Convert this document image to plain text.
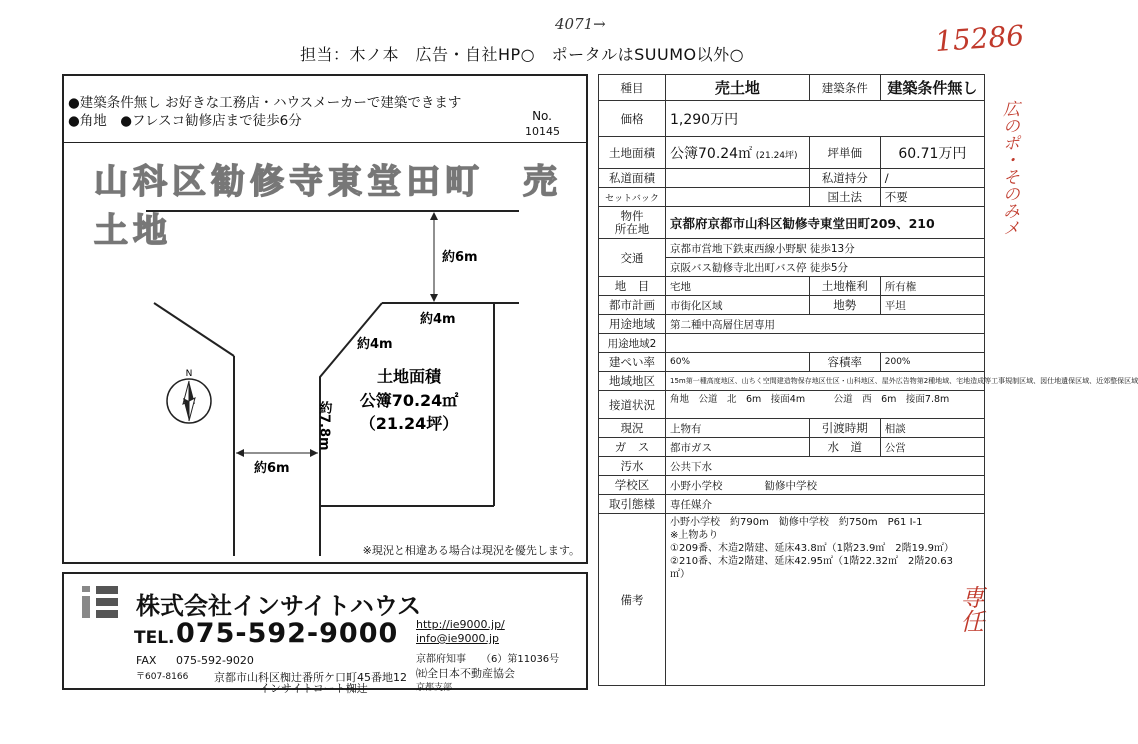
担当：木ノ本　広告・自社HP○　ポータルはSUUMO以外○
4071→	15286
広のポ・そのみメ
専任
●建築条件無し お好きな工務店・ハウスメーカーで建築できます
●角地　●フレスコ勧修店まで徒歩6分	No.
10145
山科区勧修寺東堂田町　売土地
N
約6m
約6m
約4m
約4m
約7.8m
土地面積
公簿70.24㎡
（21.24坪）
※現況と相違ある場合は現況を優先します。
株式会社インサイトハウス
TEL. 075-592-9000
FAX 075-592-9020
〒607-8166 京都市山科区椥辻番所ケ口町45番地12
インサイトコート椥辻
http://ie9000.jp/
info@ie9000.jp
京都府知事　　（6）第11036号
㈳全日本不動産協会
京都支部
種目	売土地	建築条件	建築条件無し
価格	1,290万円		
土地面積	公簿70.24㎡ (21.24坪)	坪単価	60.71万円
私道面積		私道持分	/
セットバック		国土法	不要
物件
所在地	京都府京都市山科区勧修寺東堂田町209、210		
交通	京都市営地下鉄東西線小野駅 徒歩13分		
	京阪バス勧修寺北出町バス停 徒歩5分		
地　目	宅地	土地権利	所有権
都市計画	市街化区域	地勢	平坦
用途地域	第二種中高層住居専用		
用途地域2			
建ぺい率	60%	容積率	200%
地域地区	15m第一種高度地区、山ちく空間建造物保存地区仕区・山科地区、屋外広告物第2種地域、宅地造成等工事規制区域、図仕地遺保区域、近郊整保区域		
接道状況	角地　公道　北　6m　接面4m　　　公道　西　6m　接面7.8m		
現況	上物有	引渡時期	相談
ガ　ス	都市ガス	水　道	公営
汚水	公共下水		
学校区	小野小学校 勧修中学校		
取引態様	専任媒介		
備考	小野小学校　約790m　勧修中学校　約750m　P61 I-1
※上物あり
①209番、木造2階建、延床43.8㎡（1階23.9㎡　2階19.9㎡）
②210番、木造2階建、延床42.95㎡（1階22.32㎡　2階20.63
㎡）		
